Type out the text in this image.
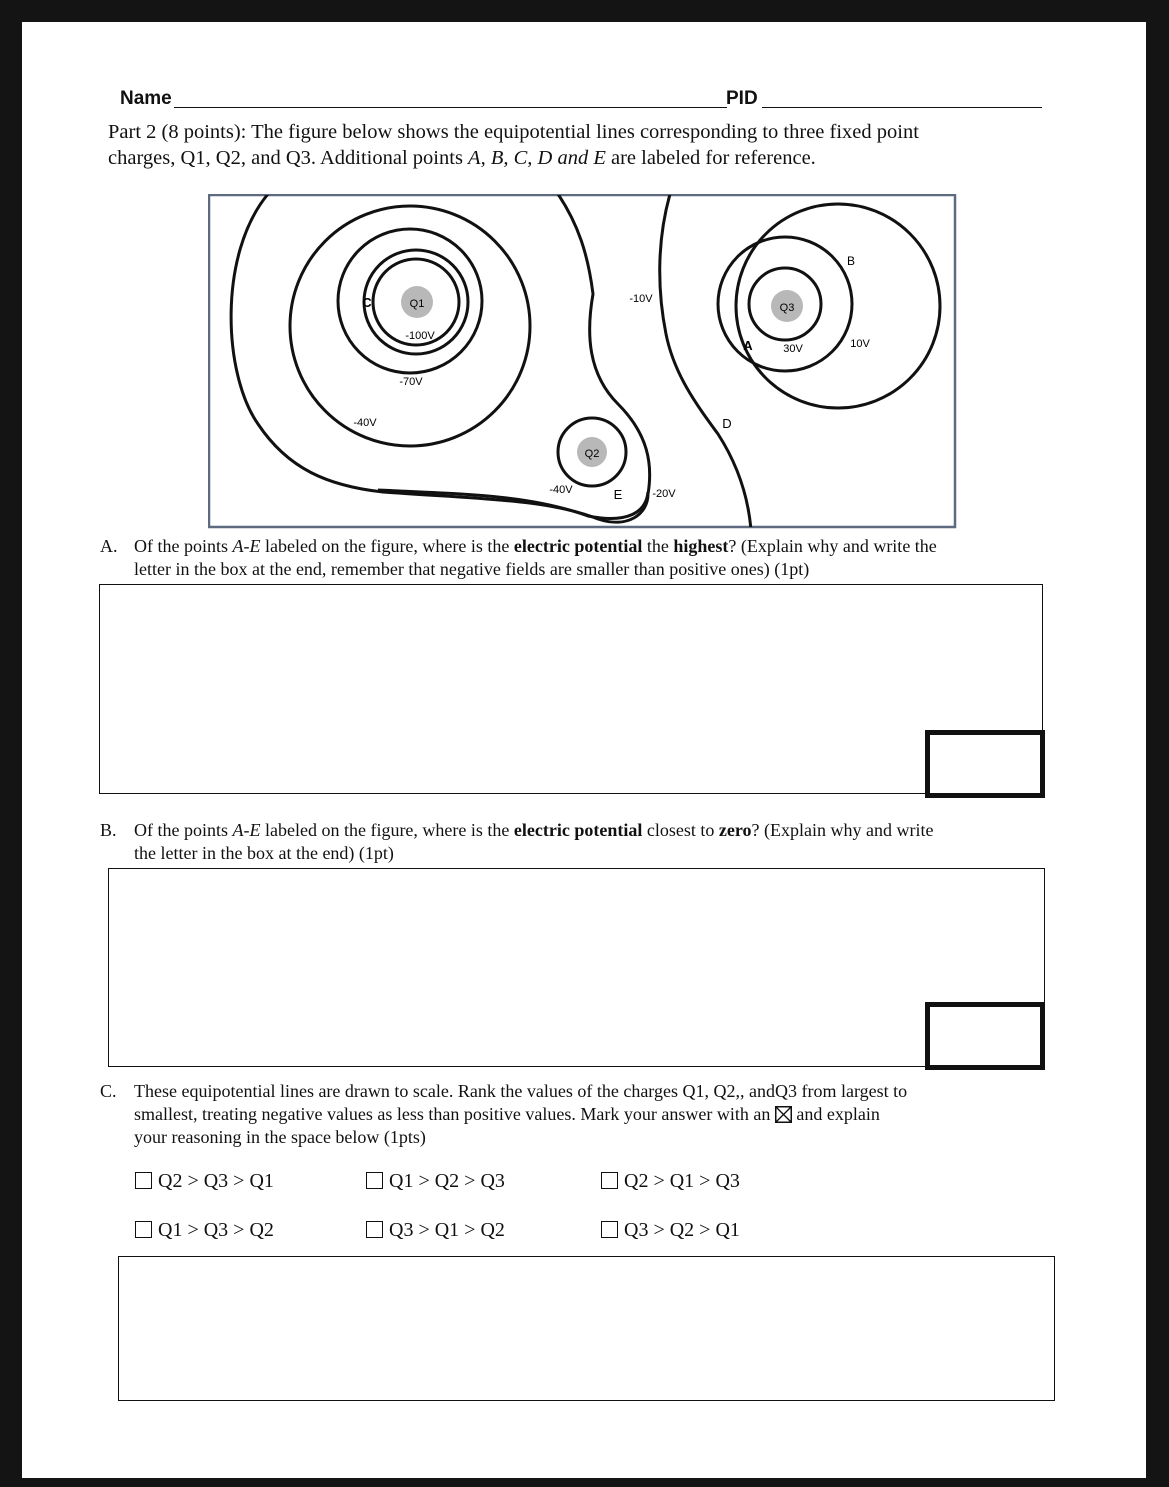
Name	PID
Part 2 (8 points): The figure below shows the equipotential lines corresponding to three fixed point
charges, Q1, Q2, and Q3. Additional points A, B, C, D and E are labeled for reference.
Q1
Q2
Q3
A
B
C
D
E
-100V
-70V
-40V
-40V
-10V
-20V
30V	10V
A. Of the points A-E labeled on the figure, where is the electric potential the highest? (Explain why and write the
letter in the box at the end, remember that negative fields are smaller than positive ones) (1pt)
B. Of the points A-E labeled on the figure, where is the electric potential closest to zero? (Explain why and write
the letter in the box at the end) (1pt)
C. These equipotential lines are drawn to scale. Rank the values of the charges Q1, Q2,, andQ3 from largest to
smallest, treating negative values as less than positive values. Mark your answer with an  and explain
your reasoning in the space below (1pts)
Q2 > Q3 > Q1	Q1 > Q2 > Q3	Q2 > Q1 > Q3
Q1 > Q3 > Q2	Q3 > Q1 > Q2	Q3 > Q2 > Q1
